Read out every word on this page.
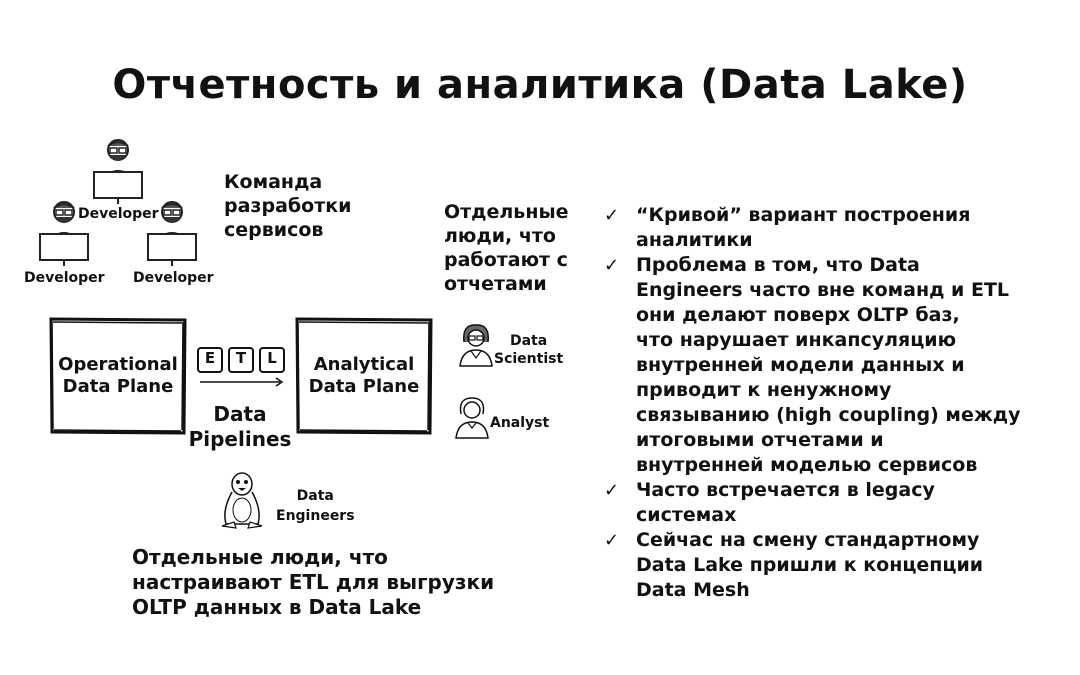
Отчетность и аналитика (Data Lake)
Developer
Developer Developer
Команда
разработки
сервисов
Operational
Data Plane
Analytical
Data Plane
E	T	L
Data
Pipelines
Отдельные
люди, что
работают с
отчетами
Data
Scientist
Analyst
Data
Engineers
Отдельные люди, что
настраивают ETL для выгрузки
OLTP данных в Data Lake
✓ “Кривой” вариант построения
аналитики
✓ Проблема в том, что Data
Engineers часто вне команд и ETL
они делают поверх OLTP баз,
что нарушает инкапсуляцию
внутренней модели данных и
приводит к ненужному
связыванию (high coupling) между
итоговыми отчетами и
внутренней моделью сервисов
✓ Часто встречается в legacy
системах
✓ Сейчас на смену стандартному
Data Lake пришли к концепции
Data Mesh
